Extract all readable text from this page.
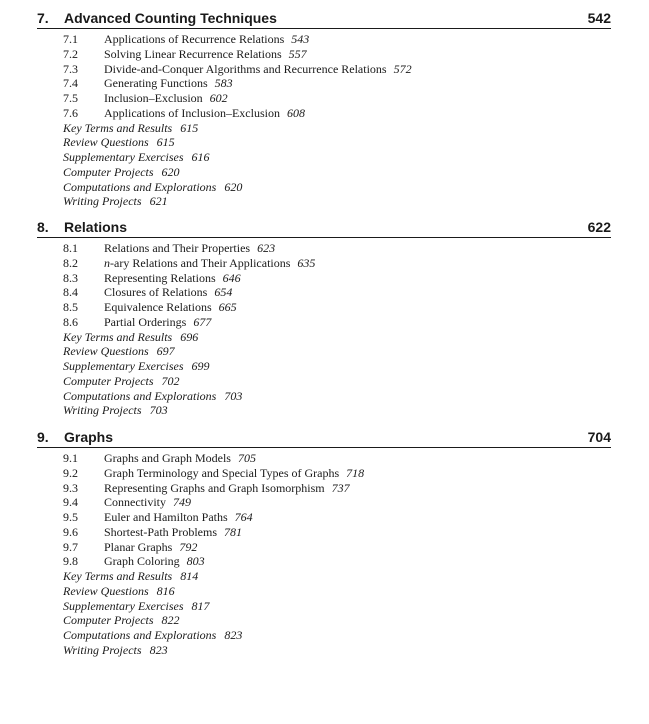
7. Advanced Counting Techniques	542
7.1 Applications of Recurrence Relations 543
7.2 Solving Linear Recurrence Relations 557
7.3 Divide-and-Conquer Algorithms and Recurrence Relations 572
7.4 Generating Functions 583
7.5 Inclusion–Exclusion 602
7.6 Applications of Inclusion–Exclusion 608
Key Terms and Results 615
Review Questions 615
Supplementary Exercises 616
Computer Projects 620
Computations and Explorations 620
Writing Projects 621
8. Relations	622
8.1 Relations and Their Properties 623
8.2 n-ary Relations and Their Applications 635
8.3 Representing Relations 646
8.4 Closures of Relations 654
8.5 Equivalence Relations 665
8.6 Partial Orderings 677
Key Terms and Results 696
Review Questions 697
Supplementary Exercises 699
Computer Projects 702
Computations and Explorations 703
Writing Projects 703
9. Graphs	704
9.1 Graphs and Graph Models 705
9.2 Graph Terminology and Special Types of Graphs 718
9.3 Representing Graphs and Graph Isomorphism 737
9.4 Connectivity 749
9.5 Euler and Hamilton Paths 764
9.6 Shortest-Path Problems 781
9.7 Planar Graphs 792
9.8 Graph Coloring 803
Key Terms and Results 814
Review Questions 816
Supplementary Exercises 817
Computer Projects 822
Computations and Explorations 823
Writing Projects 823
